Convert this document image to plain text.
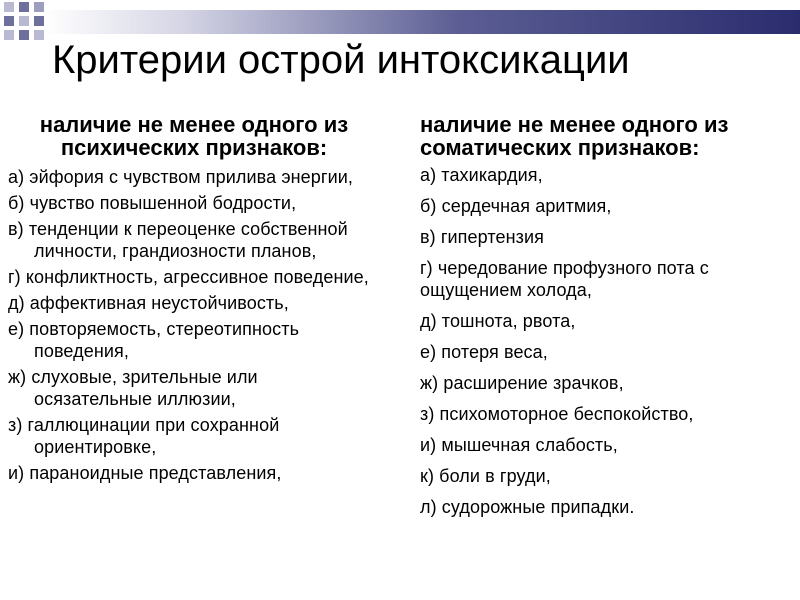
Критерии острой интоксикации
наличие не менее одного из психических признаков:
а) эйфория с чувством прилива энергии,
б) чувство повышенной бодрости,
в) тенденции к переоценке собственной личности, грандиозности планов,
г) конфликтность, агрессивное поведение,
д) аффективная неустойчивость,
е) повторяемость, стереотипность поведения,
ж) слуховые, зрительные или осязательные иллюзии,
з) галлюцинации при сохранной ориентировке,
и) параноидные представления,
наличие не менее одного из соматических признаков:
а) тахикардия,
б) сердечная аритмия,
в) гипертензия
г) чередование профузного пота с ощущением холода,
д) тошнота, рвота,
е) потеря веса,
ж) расширение зрачков,
з) психомоторное беспокойство,
и) мышечная слабость,
к) боли в груди,
л) судорожные припадки.
